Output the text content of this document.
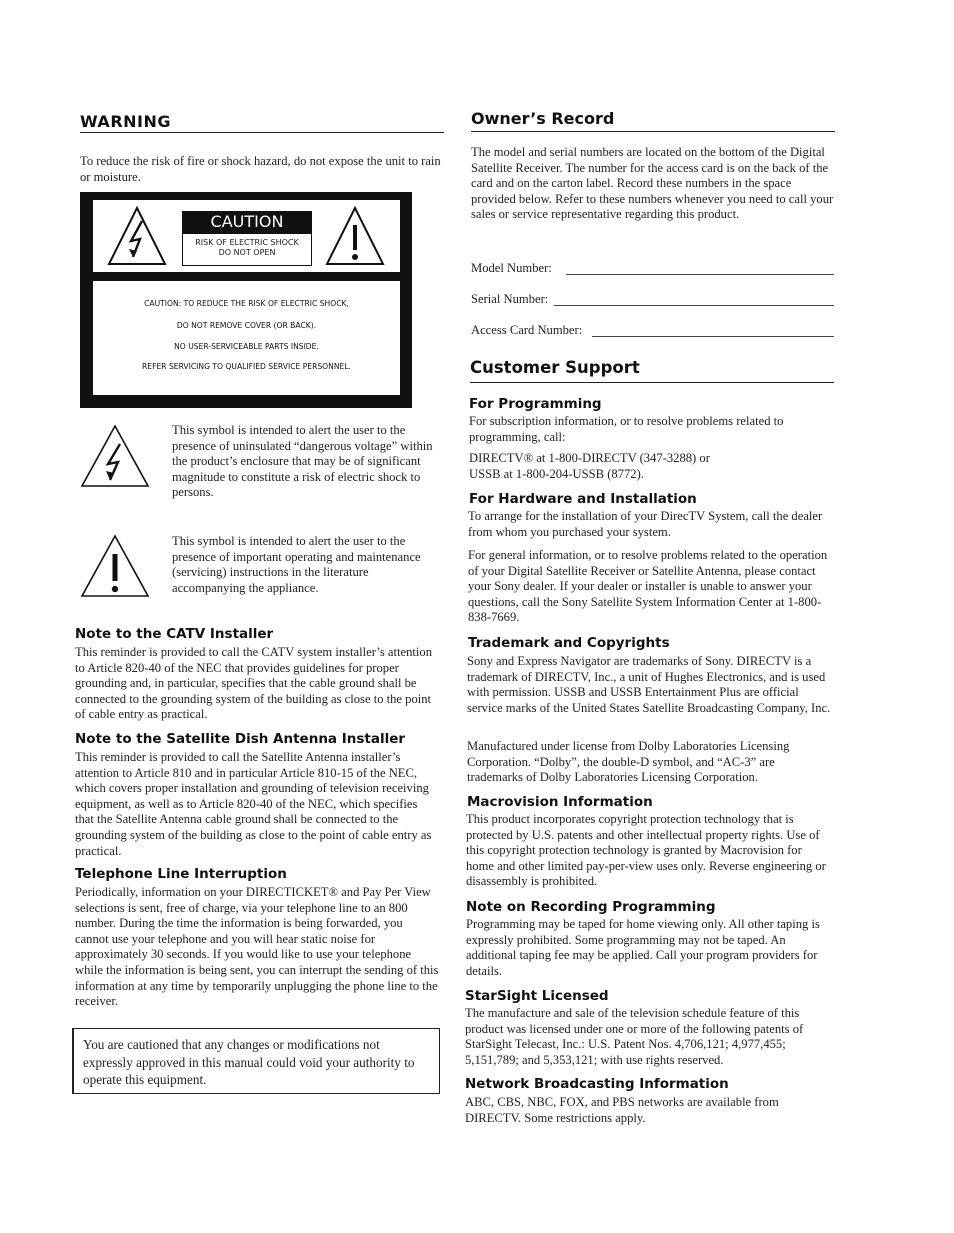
WARNING
To reduce the risk of fire or shock hazard, do not expose the unit to rain or moisture.
CAUTION
RISK OF ELECTRIC SHOCK
DO NOT OPEN
CAUTION: TO REDUCE THE RISK OF ELECTRIC SHOCK,
DO NOT REMOVE COVER (OR BACK).
NO USER-SERVICEABLE PARTS INSIDE.
REFER SERVICING TO QUALIFIED SERVICE PERSONNEL.
This symbol is intended to alert the user to the presence of uninsulated “dangerous voltage” within the product’s enclosure that may be of significant magnitude to constitute a risk of electric shock to persons.
This symbol is intended to alert the user to the presence of important operating and maintenance (servicing) instructions in the literature accompanying the appliance.
Note to the CATV Installer
This reminder is provided to call the CATV system installer’s attention to Article 820-40 of the NEC that provides guidelines for proper grounding and, in particular, specifies that the cable ground shall be connected to the grounding system of the building as close to the point of cable entry as practical.
Note to the Satellite Dish Antenna Installer
This reminder is provided to call the Satellite Antenna installer’s attention to Article 810 and in particular Article 810-15 of the NEC, which covers proper installation and grounding of television receiving equipment, as well as to Article 820-40 of the NEC, which specifies that the Satellite Antenna cable ground shall be connected to the grounding system of the building as close to the point of cable entry as practical.
Telephone Line Interruption
Periodically, information on your DIRECTICKET® and Pay Per View selections is sent, free of charge, via your telephone line to an 800 number. During the time the information is being forwarded, you cannot use your telephone and you will hear static noise for approximately 30 seconds. If you would like to use your telephone while the information is being sent, you can interrupt the sending of this information at any time by temporarily unplugging the phone line to the receiver.
You are cautioned that any changes or modifications not expressly approved in this manual could void your authority to operate this equipment.
Owner’s Record
The model and serial numbers are located on the bottom of the Digital Satellite Receiver. The number for the access card is on the back of the card and on the carton label. Record these numbers in the space provided below. Refer to these numbers whenever you need to call your sales or service representative regarding this product.
Model Number:
Serial Number:
Access Card Number:
Customer Support
For Programming
For subscription information, or to resolve problems related to programming, call:
DIRECTV® at 1-800-DIRECTV (347-3288) or
USSB at 1-800-204-USSB (8772).
For Hardware and Installation
To arrange for the installation of your DirecTV System, call the dealer from whom you purchased your system.
For general information, or to resolve problems related to the operation of your Digital Satellite Receiver or Satellite Antenna, please contact your Sony dealer. If your dealer or installer is unable to answer your questions, call the Sony Satellite System Information Center at 1-800-838-7669.
Trademark and Copyrights
Sony and Express Navigator are trademarks of Sony. DIRECTV is a trademark of DIRECTV, Inc., a unit of Hughes Electronics, and is used with permission. USSB and USSB Entertainment Plus are official service marks of the United States Satellite Broadcasting Company, Inc.
Manufactured under license from Dolby Laboratories Licensing Corporation. “Dolby”, the double-D symbol, and “AC-3” are trademarks of Dolby Laboratories Licensing Corporation.
Macrovision Information
This product incorporates copyright protection technology that is protected by U.S. patents and other intellectual property rights. Use of this copyright protection technology is granted by Macrovision for home and other limited pay-per-view uses only. Reverse engineering or disassembly is prohibited.
Note on Recording Programming
Programming may be taped for home viewing only. All other taping is expressly prohibited. Some programming may not be taped. An additional taping fee may be applied. Call your program providers for details.
StarSight Licensed
The manufacture and sale of the television schedule feature of this product was licensed under one or more of the following patents of StarSight Telecast, Inc.: U.S. Patent Nos. 4,706,121; 4,977,455; 5,151,789; and 5,353,121; with use rights reserved.
Network Broadcasting Information
ABC, CBS, NBC, FOX, and PBS networks are available from DIRECTV. Some restrictions apply.
